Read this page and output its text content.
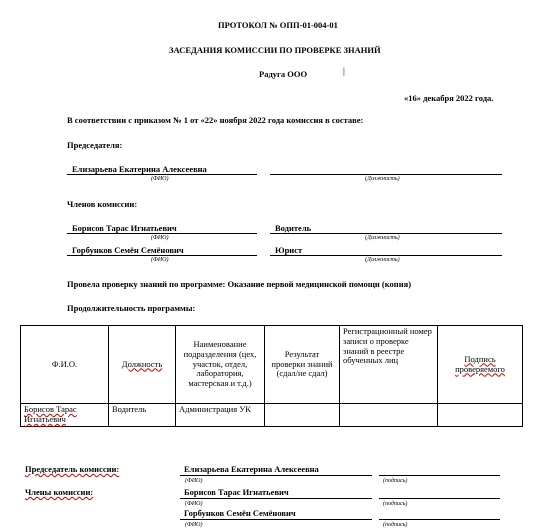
ПРОТОКОЛ № ОПП-01-004-01
ЗАСЕДАНИЯ КОМИССИИ ПО ПРОВЕРКЕ ЗНАНИЙ
Радуга ООО	|
«16» декабря 2022 года.
В соответствии с приказом № 1 от «22» ноября 2022 года комиссия в составе:
Председателя:
Елизарьева Екатерина Алексеевна
(ФИО)	(Должность)
Членов комиссии:
Борисов Тарас Игнатьевич	Водитель
(ФИО)	(Должность)
Горбунков Семён Семёнович	Юрист
(ФИО)	(Должность)
Провела проверку знаний по программе: Оказание первой медицинской помощи (копия)
Продолжительность программы:
Ф.И.О.	Должность	Наименование подразделения (цех, участок, отдел, лаборатория, мастерская и т.д.)	Результат проверки знаний (сдал/не сдал)	Регистрационный номер записи о проверке знаний в реестре обученных лиц	Подпись проверяемого
Борисов Тарас Игнатьевич	Водитель	Администрация УК			
Председатель комиссии:
Члены комиссии:
Елизарьева Екатерина Алексеевна
(ФИО)	(подпись)
Борисов Тарас Игнатьевич
(ФИО)	(подпись)
Горбунков Семён Семёнович
(ФИО)	(подпись)
